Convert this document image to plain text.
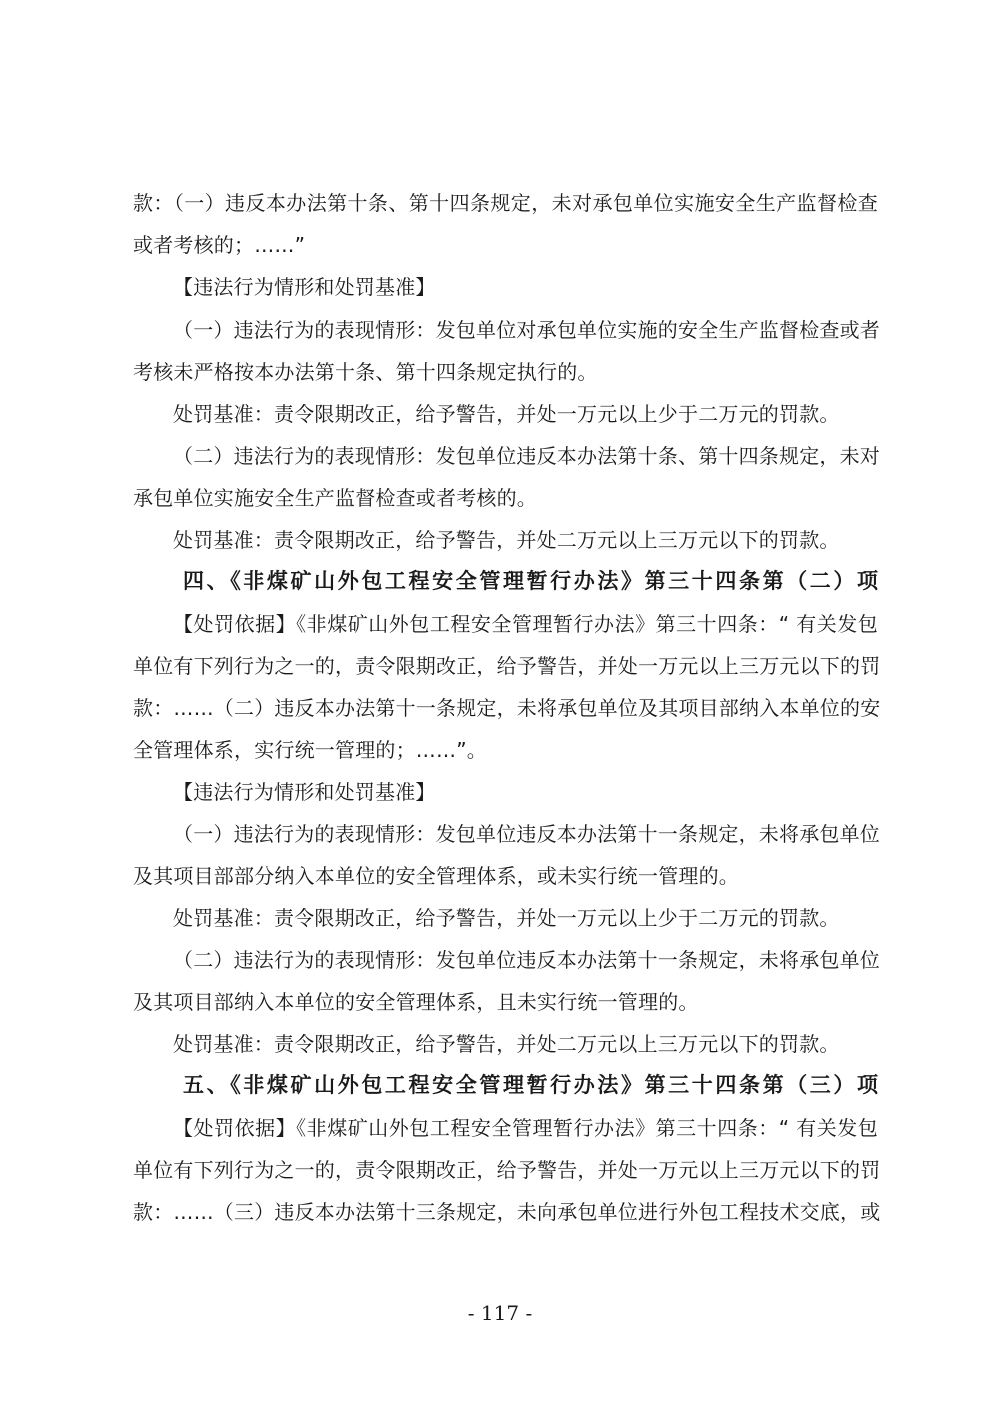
款：（一）违反本办法第十条、第十四条规定，未对承包单位实施安全生产监督检查
或者考核的；……”
【违法行为情形和处罚基准】
（一）违法行为的表现情形：发包单位对承包单位实施的安全生产监督检查或者
考核未严格按本办法第十条、第十四条规定执行的。
处罚基准：责令限期改正，给予警告，并处一万元以上少于二万元的罚款。
（二）违法行为的表现情形：发包单位违反本办法第十条、第十四条规定，未对
承包单位实施安全生产监督检查或者考核的。
处罚基准：责令限期改正，给予警告，并处二万元以上三万元以下的罚款。
四、《非煤矿山外包工程安全管理暂行办法》第三十四条第（二）项
【处罚依据】《非煤矿山外包工程安全管理暂行办法》第三十四条：“ 有关发包
单位有下列行为之一的，责令限期改正，给予警告，并处一万元以上三万元以下的罚
款：……（二）违反本办法第十一条规定，未将承包单位及其项目部纳入本单位的安
全管理体系，实行统一管理的；……”。
【违法行为情形和处罚基准】
（一）违法行为的表现情形：发包单位违反本办法第十一条规定，未将承包单位
及其项目部部分纳入本单位的安全管理体系，或未实行统一管理的。
处罚基准：责令限期改正，给予警告，并处一万元以上少于二万元的罚款。
（二）违法行为的表现情形：发包单位违反本办法第十一条规定，未将承包单位
及其项目部纳入本单位的安全管理体系，且未实行统一管理的。
处罚基准：责令限期改正，给予警告，并处二万元以上三万元以下的罚款。
五、《非煤矿山外包工程安全管理暂行办法》第三十四条第（三）项
【处罚依据】《非煤矿山外包工程安全管理暂行办法》第三十四条：“ 有关发包
单位有下列行为之一的，责令限期改正，给予警告，并处一万元以上三万元以下的罚
款：……（三）违反本办法第十三条规定，未向承包单位进行外包工程技术交底，或
- 117 -
